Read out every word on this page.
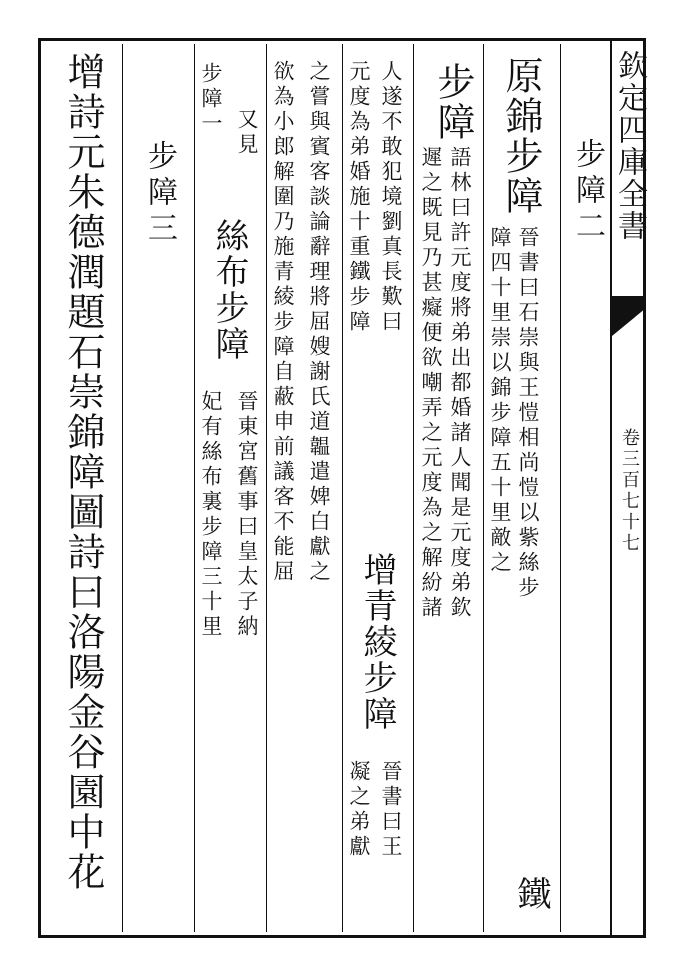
欽定四庫全書
卷三百七十七
步障二
原錦步障
晉書曰石崇與王愷相尚愷以紫絲步
鐵
障四十里崇以錦步障五十里敵之
步障
語林曰許元度將弟出都婚諸人聞是元度弟欽
遲之既見乃甚癡便欲嘲弄之元度為之解紛諸
人遂不敢犯境劉真長歎曰
增青綾步障
晉書曰王
元度為弟婚施十重鐵步障
凝之弟獻
之嘗與賓客談論辭理將屈嫂謝氏道韞遣婢白獻之
欲為小郎解圍乃施青綾步障自蔽申前議客不能屈
又見
絲布步障
晉東宮舊事曰皇太子納
步障一
妃有絲布裏步障三十里
步障三
增詩元朱德潤題石崇錦障圖詩曰洛陽金谷園中花
